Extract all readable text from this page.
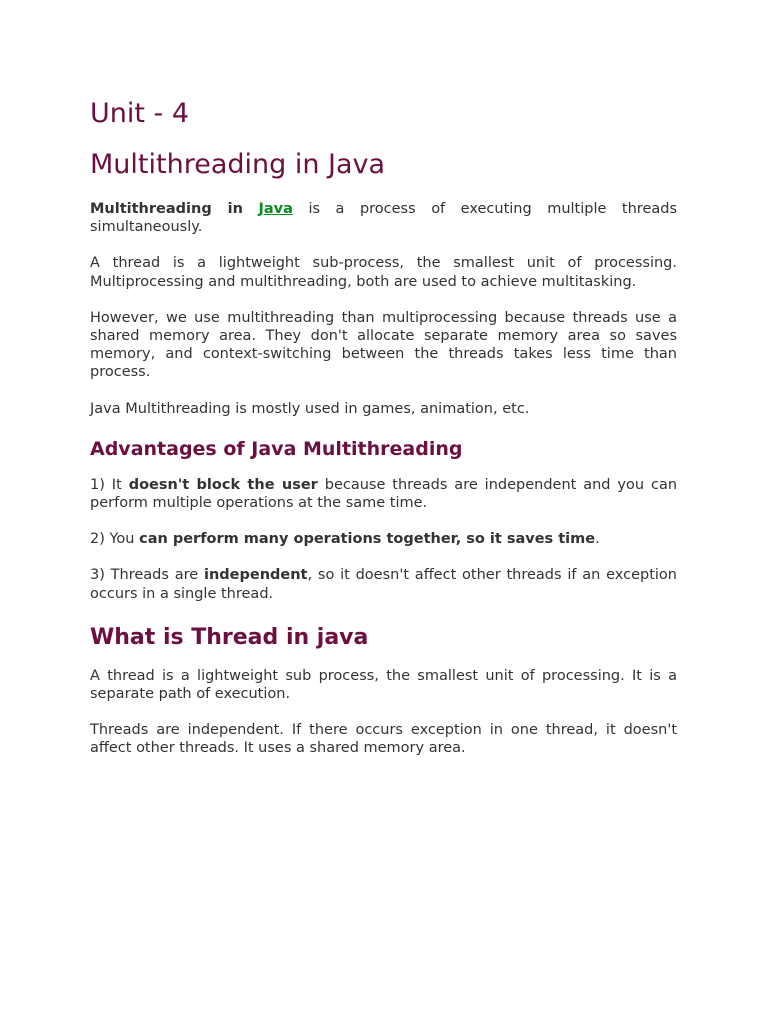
Unit - 4
Multithreading in Java

Multithreading in Java is a process of executing multiple threads simultaneously.

A thread is a lightweight sub-process, the smallest unit of processing. Multiprocessing and multithreading, both are used to achieve multitasking.

However, we use multithreading than multiprocessing because threads use a shared memory area. They don't allocate separate memory area so saves memory, and context-switching between the threads takes less time than process.

Java Multithreading is mostly used in games, animation, etc.

Advantages of Java Multithreading

1) It doesn't block the user because threads are independent and you can perform multiple operations at the same time.

2) You can perform many operations together, so it saves time.

3) Threads are independent, so it doesn't affect other threads if an exception occurs in a single thread.

What is Thread in java

A thread is a lightweight sub process, the smallest unit of processing. It is a separate path of execution.

Threads are independent. If there occurs exception in one thread, it doesn't affect other threads. It uses a shared memory area.
